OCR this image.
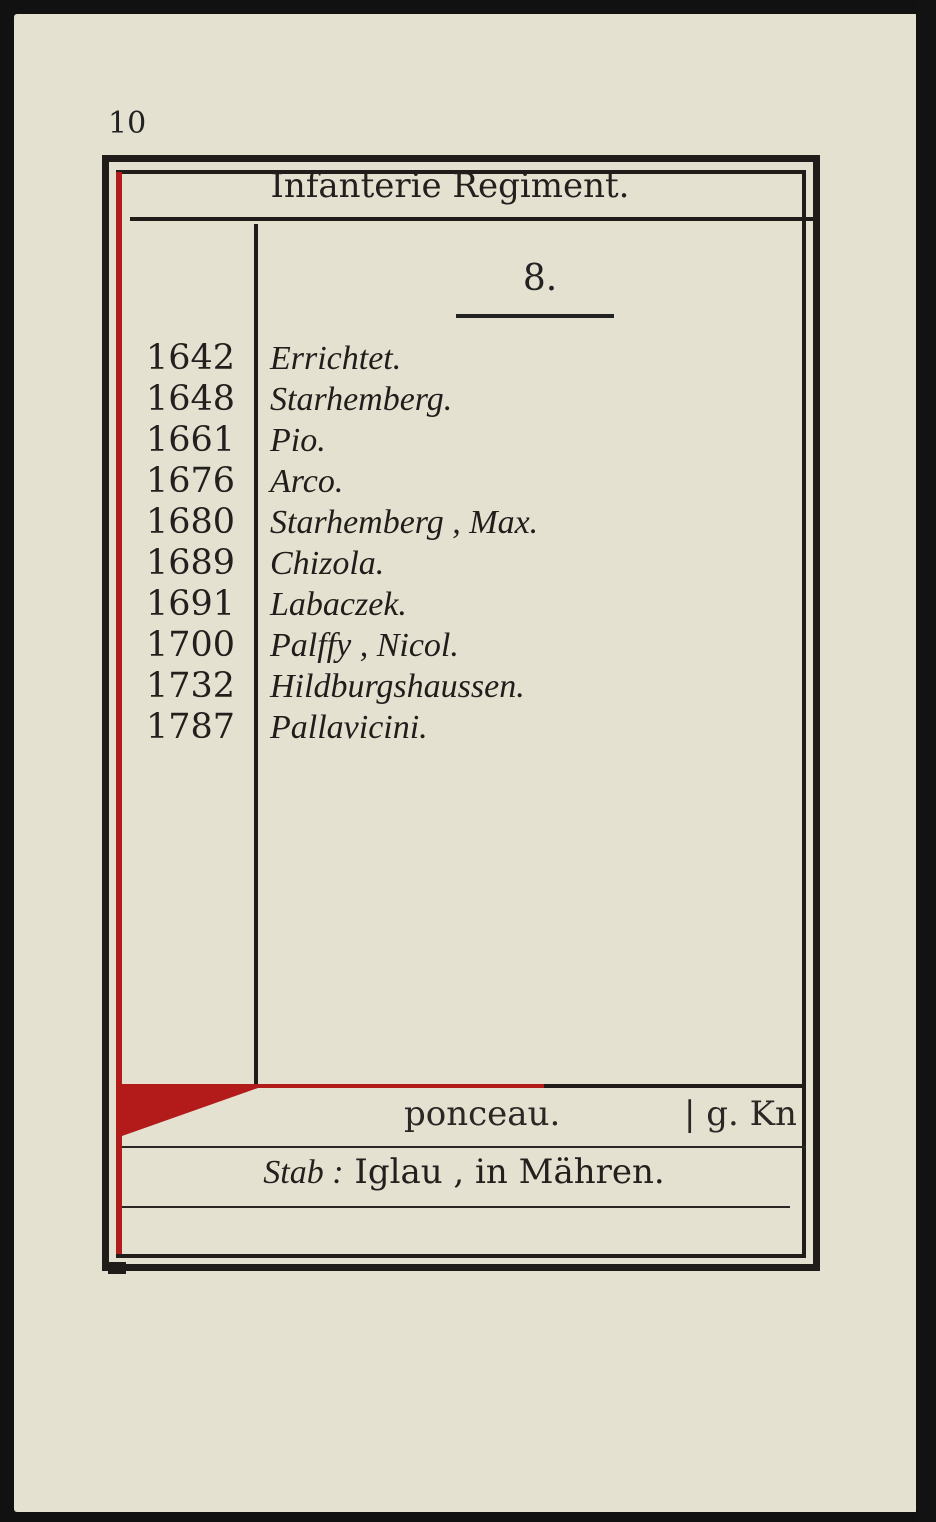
10
Infanterie Regiment.
8.
1642
1648
1661
1676
1680
1689
1691
1700
1732
1787
Errichtet.
Starhemberg.
Pio.
Arco.
Starhemberg , Max.
Chizola.
Labaczek.
Palffy , Nicol.
Hildburgshaussen.
Pallavicini.
ponceau.	| g. Kn
Stab : Iglau , in Mähren.
